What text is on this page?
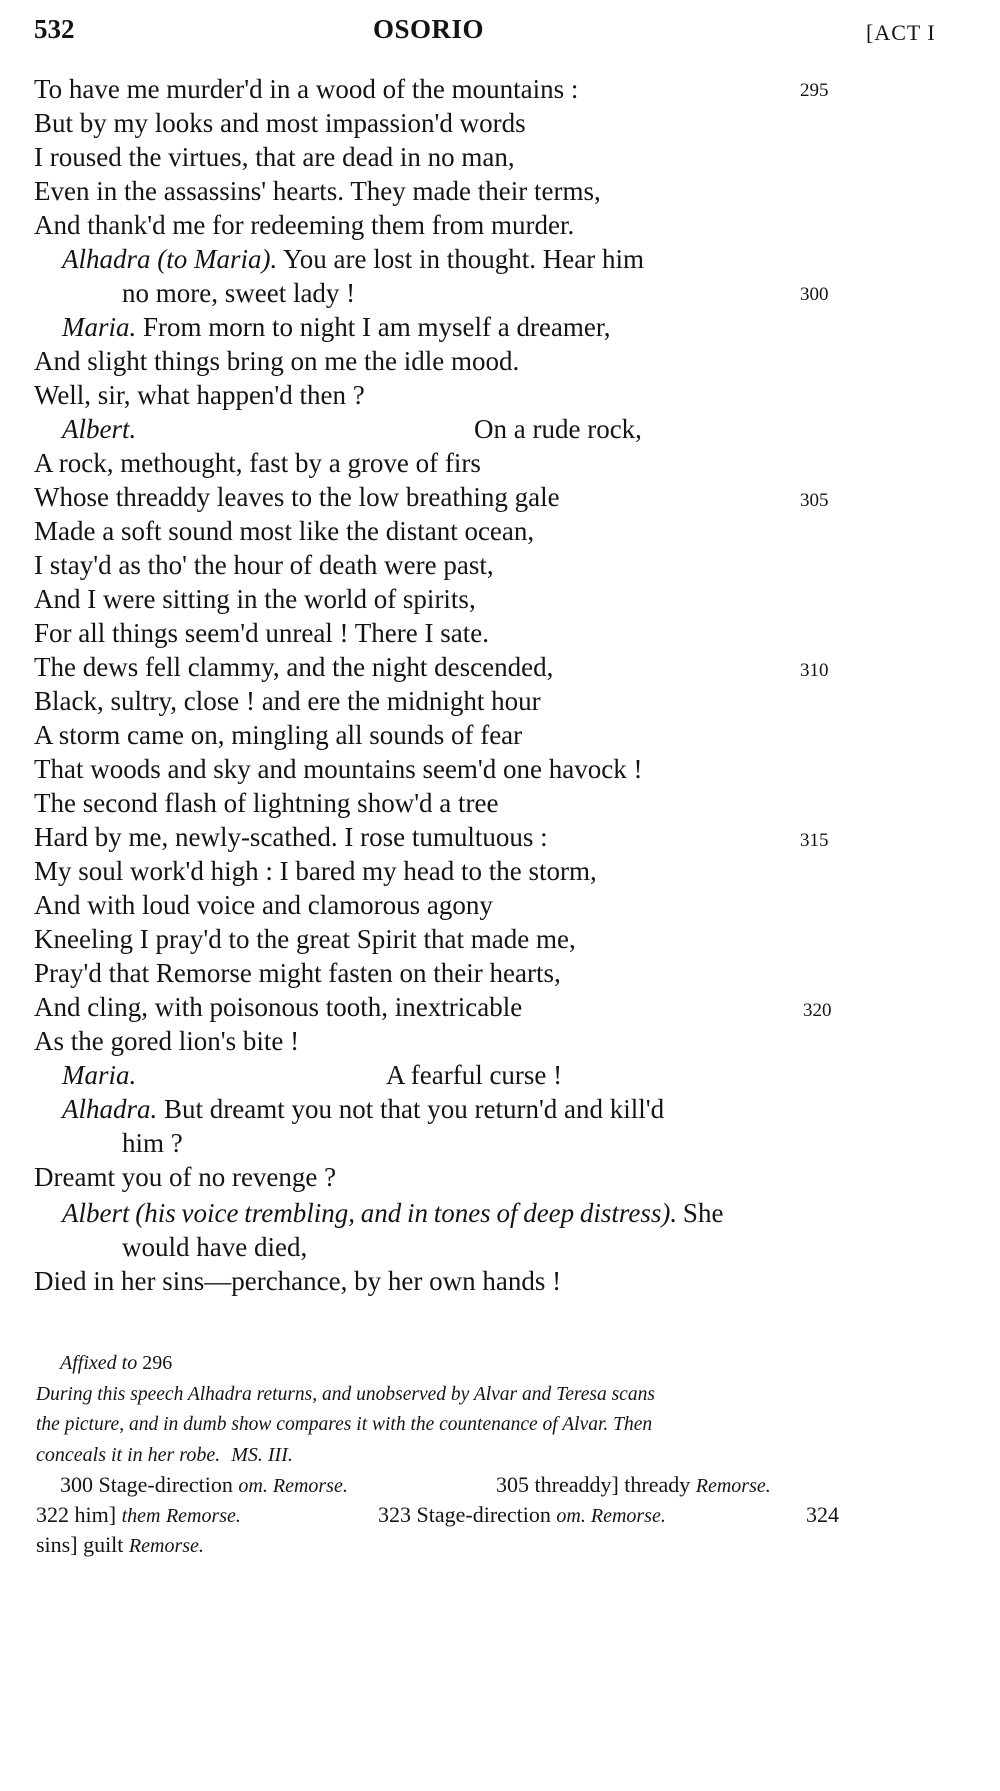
532	OSORIO	[ACT I
To have me murder'd in a wood of the mountains :	295
But by my looks and most impassion'd words
I roused the virtues, that are dead in no man,
Even in the assassins' hearts. They made their terms,
And thank'd me for redeeming them from murder.
Alhadra (to Maria). You are lost in thought. Hear him
no more, sweet lady !	300
Maria. From morn to night I am myself a dreamer,
And slight things bring on me the idle mood.
Well, sir, what happen'd then ?
Albert.	On a rude rock,
A rock, methought, fast by a grove of firs
Whose threaddy leaves to the low breathing gale	305
Made a soft sound most like the distant ocean,
I stay'd as tho' the hour of death were past,
And I were sitting in the world of spirits,
For all things seem'd unreal ! There I sate.
The dews fell clammy, and the night descended,	310
Black, sultry, close ! and ere the midnight hour
A storm came on, mingling all sounds of fear
That woods and sky and mountains seem'd one havock !
The second flash of lightning show'd a tree
Hard by me, newly-scathed. I rose tumultuous :	315
My soul work'd high : I bared my head to the storm,
And with loud voice and clamorous agony
Kneeling I pray'd to the great Spirit that made me,
Pray'd that Remorse might fasten on their hearts,
And cling, with poisonous tooth, inextricable	320
As the gored lion's bite !
Maria.	A fearful curse !
Alhadra. But dreamt you not that you return'd and kill'd
him ?
Dreamt you of no revenge ?
Albert (his voice trembling, and in tones of deep distress). She
would have died,
Died in her sins—perchance, by her own hands !
Affixed to 296
During this speech Alhadra returns, and unobserved by Alvar and Teresa scans
the picture, and in dumb show compares it with the countenance of Alvar. Then
conceals it in her robe. MS. III.
300 Stage-direction om. Remorse.	305 threaddy] thready Remorse.
322 him] them Remorse.	323 Stage-direction om. Remorse.	324
sins] guilt Remorse.
